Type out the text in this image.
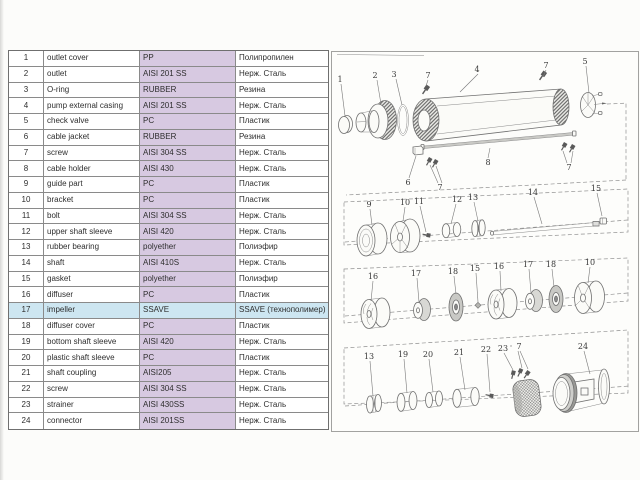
1	outlet cover	PP	Полипропилен
2	outlet	AISI 201 SS	Нерж. Сталь
3	O-ring	RUBBER	Резина
4	pump external casing	AISI 201 SS	Нерж. Сталь
5	check valve	PC	Пластик
6	cable jacket	RUBBER	Резина
7	screw	AISI 304 SS	Нерж. Сталь
8	cable holder	AISI 430	Нерж. Сталь
9	guide part	PC	Пластик
10	bracket	PC	Пластик
11	bolt	AISI 304 SS	Нерж. Сталь
12	upper shaft sleeve	AISI 420	Нерж. Сталь
13	rubber bearing	polyether	Полиэфир
14	shaft	AISI 410S	Нерж. Сталь
15	gasket	polyether	Полиэфир
16	diffuser	PC	Пластик
17	impeller	SSAVE	SSAVE (технополимер)
18	diffuser cover	PC	Пластик
19	bottom shaft sleeve	AISI 420	Нерж. Сталь
20	plastic shaft sleeve	PC	Пластик
21	shaft coupling	AISI205	Нерж. Сталь
22	screw	AISI 304 SS	Нерж. Сталь
23	strainer	AISI 430SS	Нерж. Сталь
24	connector	AISI 201SS	Нерж. Сталь
1	2 3	7
4	7	5
8
6
7
7
9	10 11	12 13
14	15
16	17	18 15 16 17 18	10
13	19 20	21 22 23 · 7	24
